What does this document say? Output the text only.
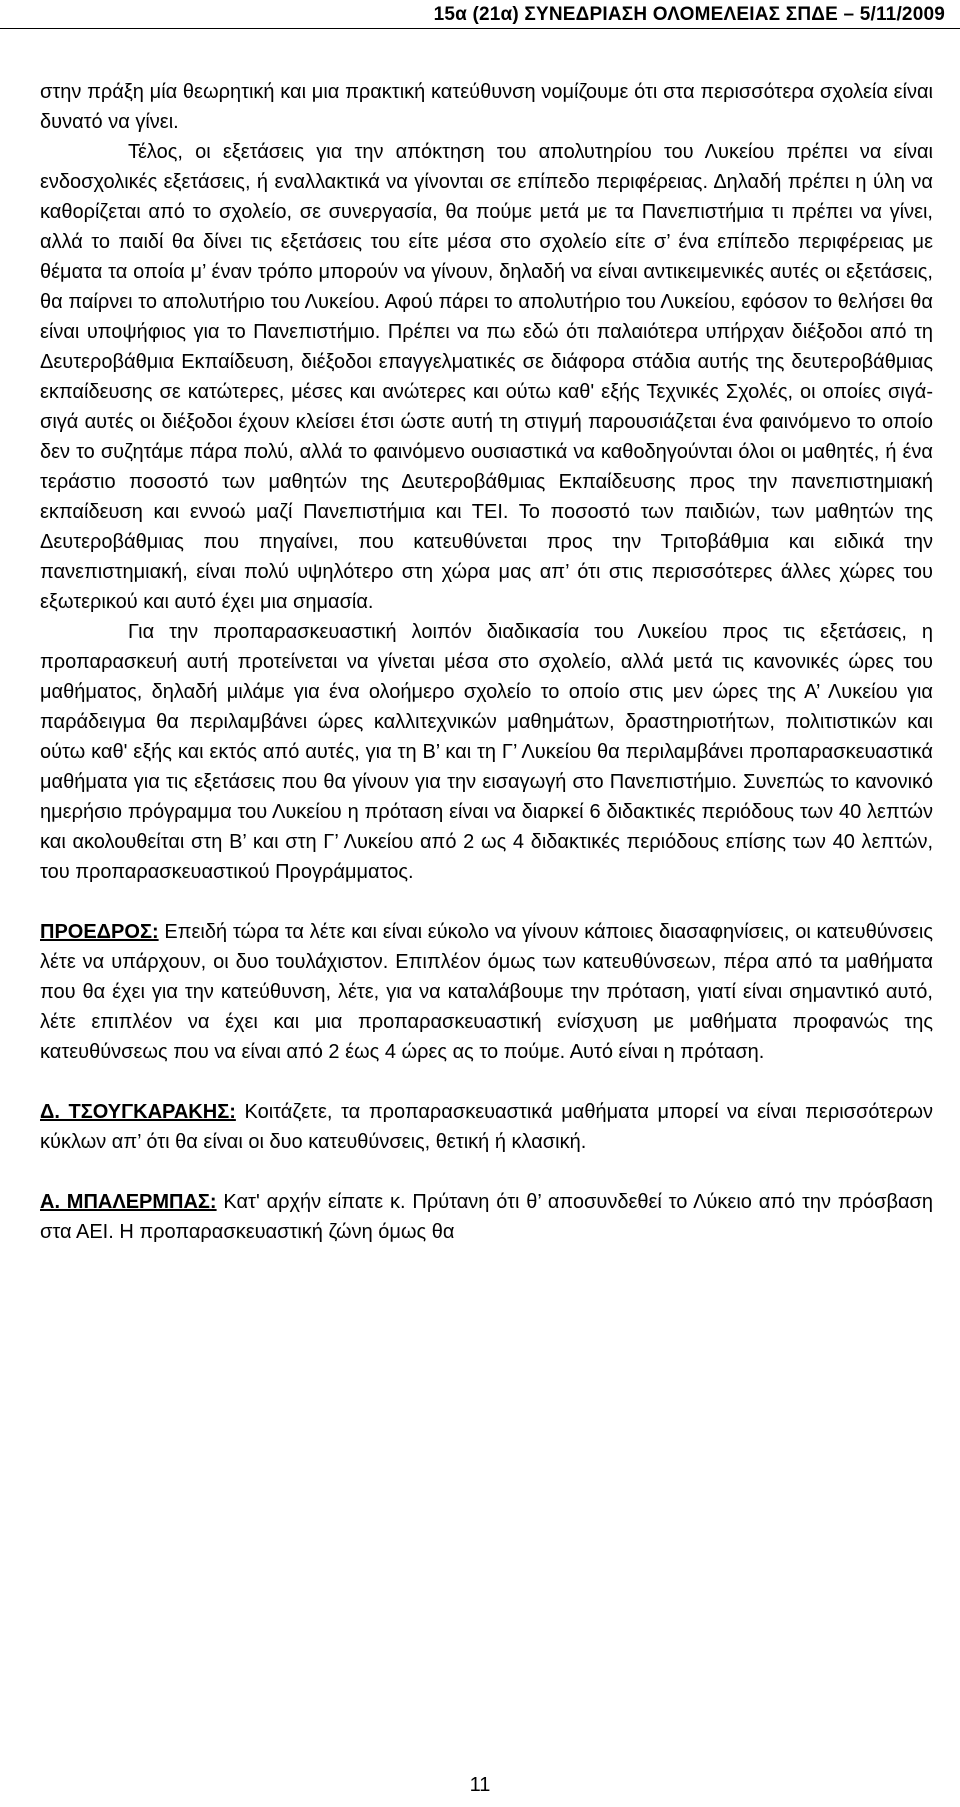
15α (21α) ΣΥΝΕΔΡΙΑΣΗ ΟΛΟΜΕΛΕΙΑΣ ΣΠΔΕ – 5/11/2009

στην πράξη μία θεωρητική και μια πρακτική κατεύθυνση νομίζουμε ότι στα περισσότερα σχολεία είναι δυνατό να γίνει.

Τέλος, οι εξετάσεις για την απόκτηση του απολυτηρίου του Λυκείου πρέπει να είναι ενδοσχολικές εξετάσεις, ή εναλλακτικά να γίνονται σε επίπεδο περιφέρειας. Δηλαδή πρέπει η ύλη να καθορίζεται από το σχολείο, σε συνεργασία, θα πούμε μετά με τα Πανεπιστήμια τι πρέπει να γίνει, αλλά το παιδί θα δίνει τις εξετάσεις του είτε μέσα στο σχολείο είτε σ’ ένα επίπεδο περιφέρειας με θέματα τα οποία μ’ έναν τρόπο μπορούν να γίνουν, δηλαδή να είναι αντικειμενικές αυτές οι εξετάσεις, θα παίρνει το απολυτήριο του Λυκείου. Αφού πάρει το απολυτήριο του Λυκείου, εφόσον το θελήσει θα είναι υποψήφιος για το Πανεπιστήμιο. Πρέπει να πω εδώ ότι παλαιότερα υπήρχαν διέξοδοι από τη Δευτεροβάθμια Εκπαίδευση, διέξοδοι επαγγελματικές σε διάφορα στάδια αυτής της δευτεροβάθμιας εκπαίδευσης σε κατώτερες, μέσες και ανώτερες και ούτω καθ' εξής Τεχνικές Σχολές, οι οποίες σιγά-σιγά αυτές οι διέξοδοι έχουν κλείσει έτσι ώστε αυτή τη στιγμή παρουσιάζεται ένα φαινόμενο το οποίο δεν το συζητάμε πάρα πολύ, αλλά το φαινόμενο ουσιαστικά να καθοδηγούνται όλοι οι μαθητές, ή ένα τεράστιο ποσοστό των μαθητών της Δευτεροβάθμιας Εκπαίδευσης προς την πανεπιστημιακή εκπαίδευση και εννοώ μαζί Πανεπιστήμια και ΤΕΙ. Το ποσοστό των παιδιών, των μαθητών της Δευτεροβάθμιας που πηγαίνει, που κατευθύνεται προς την Τριτοβάθμια και ειδικά την πανεπιστημιακή, είναι πολύ υψηλότερο στη χώρα μας απ’ ότι στις περισσότερες άλλες χώρες του εξωτερικού και αυτό έχει μια σημασία.

Για την προπαρασκευαστική λοιπόν διαδικασία του Λυκείου προς τις εξετάσεις, η προπαρασκευή αυτή προτείνεται να γίνεται μέσα στο σχολείο, αλλά μετά τις κανονικές ώρες του μαθήματος, δηλαδή μιλάμε για ένα ολοήμερο σχολείο το οποίο στις μεν ώρες της Α’ Λυκείου για παράδειγμα θα περιλαμβάνει ώρες καλλιτεχνικών μαθημάτων, δραστηριοτήτων, πολιτιστικών και ούτω καθ' εξής και εκτός από αυτές, για τη Β’ και τη Γ’ Λυκείου θα περιλαμβάνει προπαρασκευαστικά μαθήματα για τις εξετάσεις που θα γίνουν για την εισαγωγή στο Πανεπιστήμιο. Συνεπώς το κανονικό ημερήσιο πρόγραμμα του Λυκείου η πρόταση είναι να διαρκεί 6 διδακτικές περιόδους των 40 λεπτών και ακολουθείται στη Β’ και στη Γ’ Λυκείου από 2 ως 4 διδακτικές περιόδους επίσης των 40 λεπτών, του προπαρασκευαστικού Προγράμματος.

ΠΡΟΕΔΡΟΣ: Επειδή τώρα τα λέτε και είναι εύκολο να γίνουν κάποιες διασαφηνίσεις, οι κατευθύνσεις λέτε να υπάρχουν, οι δυο τουλάχιστον. Επιπλέον όμως των κατευθύνσεων, πέρα από τα μαθήματα που θα έχει για την κατεύθυνση, λέτε, για να καταλάβουμε την πρόταση, γιατί είναι σημαντικό αυτό, λέτε επιπλέον να έχει και μια προπαρασκευαστική ενίσχυση με μαθήματα προφανώς της κατευθύνσεως που να είναι από 2 έως 4 ώρες ας το πούμε. Αυτό είναι η πρόταση.

Δ. ΤΣΟΥΓΚΑΡΑΚΗΣ: Κοιτάζετε, τα προπαρασκευαστικά μαθήματα μπορεί να είναι περισσότερων κύκλων απ’ ότι θα είναι οι δυο κατευθύνσεις, θετική ή κλασική.

Α. ΜΠΑΛΕΡΜΠΑΣ: Κατ' αρχήν είπατε κ. Πρύτανη ότι θ’ αποσυνδεθεί το Λύκειο από την πρόσβαση στα ΑΕΙ. Η προπαρασκευαστική ζώνη όμως θα

11
